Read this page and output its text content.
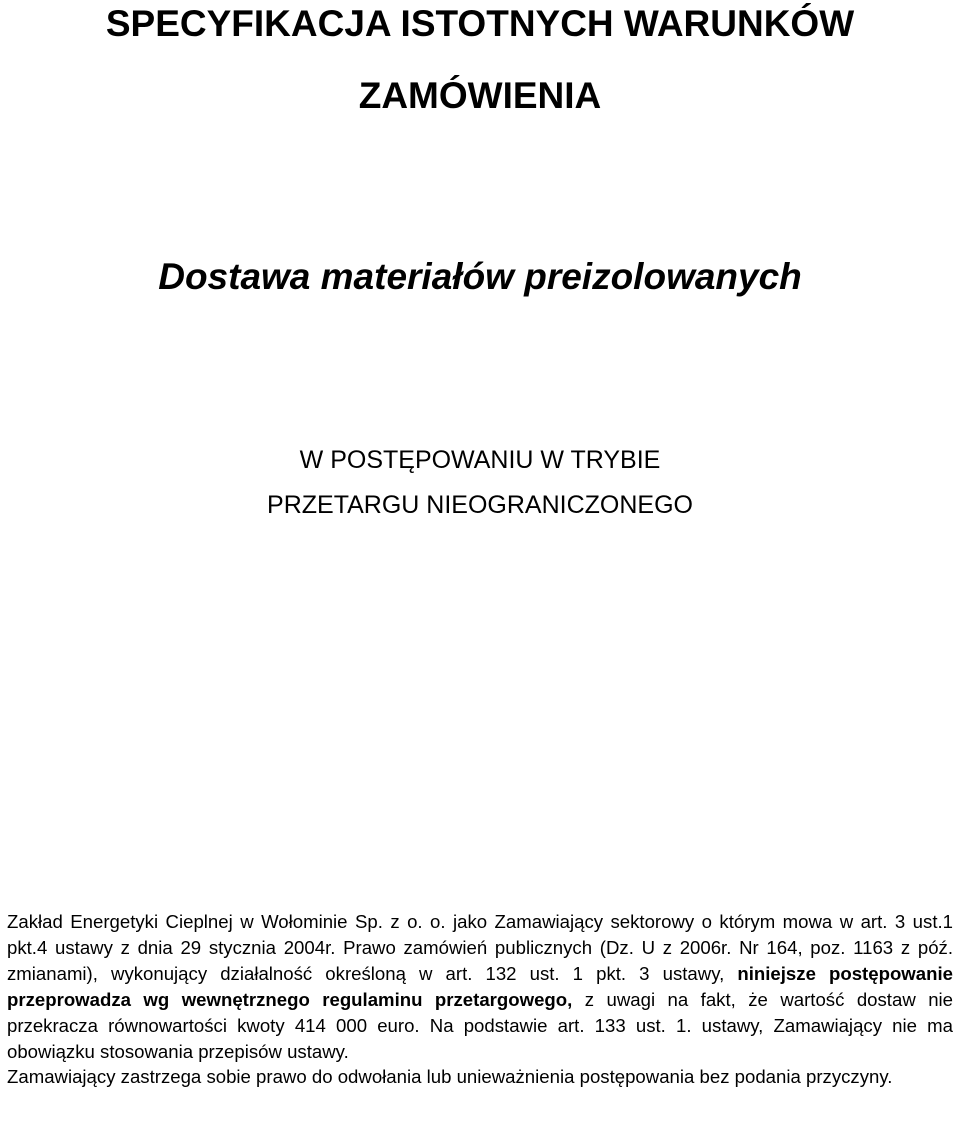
SPECYFIKACJA ISTOTNYCH WARUNKÓW
ZAMÓWIENIA
Dostawa materiałów preizolowanych
W POSTĘPOWANIU W TRYBIE
PRZETARGU NIEOGRANICZONEGO

Zakład Energetyki Cieplnej w Wołominie Sp. z o. o. jako Zamawiający sektorowy o którym mowa w art. 3 ust.1 pkt.4 ustawy z dnia 29 stycznia 2004r. Prawo zamówień publicznych (Dz. U z 2006r. Nr 164, poz. 1163 z póź. zmianami), wykonujący działalność określoną w art. 132 ust. 1 pkt. 3 ustawy, niniejsze postępowanie przeprowadza wg wewnętrznego regulaminu przetargowego, z uwagi na fakt, że wartość dostaw nie przekracza równowartości kwoty 414 000 euro. Na podstawie art. 133 ust. 1. ustawy, Zamawiający nie ma obowiązku stosowania przepisów ustawy.

Zamawiający zastrzega sobie prawo do odwołania lub unieważnienia postępowania bez podania przyczyny.
